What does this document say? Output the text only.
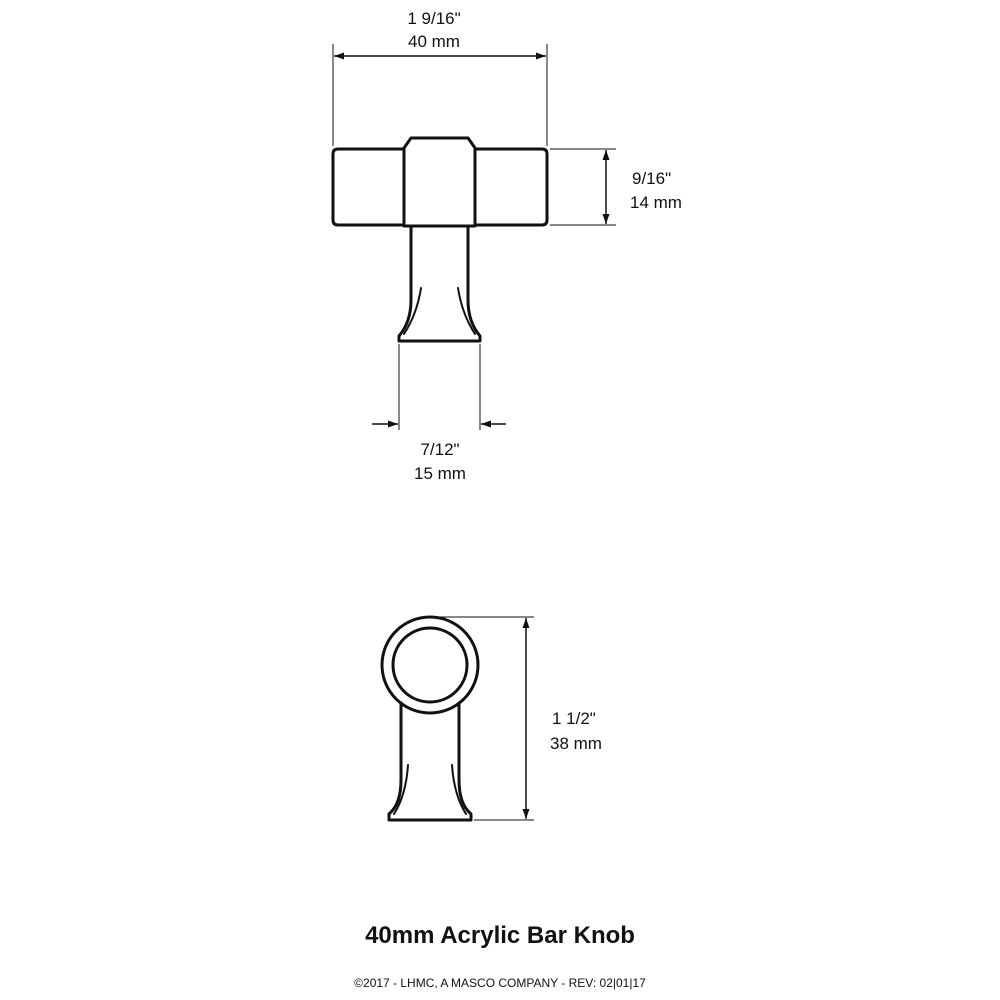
1 9/16"
40 mm
9/16"
14 mm
7/12"
15 mm
1 1/2"
38 mm
40mm Acrylic Bar Knob
©2017 - LHMC, A MASCO COMPANY - REV: 02|01|17
